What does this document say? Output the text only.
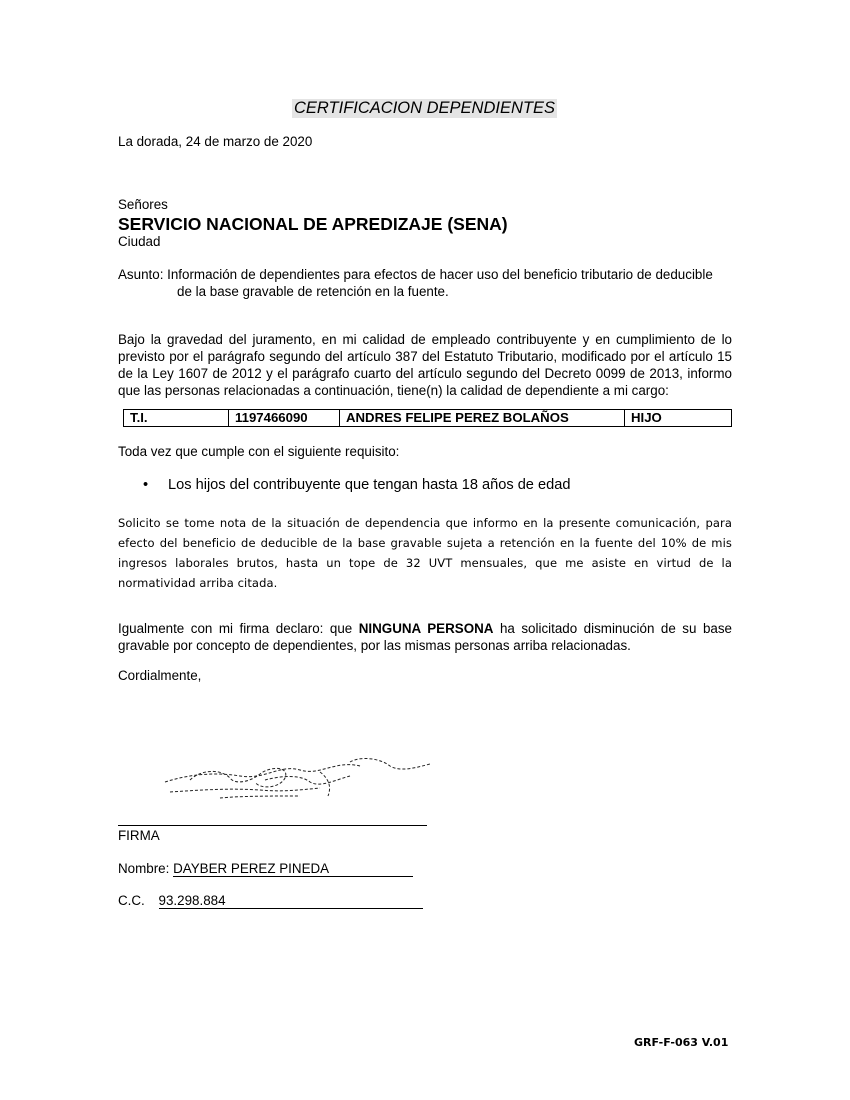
CERTIFICACION DEPENDIENTES
La dorada, 24 de marzo de 2020
Señores
SERVICIO NACIONAL DE APREDIZAJE (SENA)
Ciudad
Asunto: Información de dependientes para efectos de hacer uso del beneficio tributario de deducible
de la base gravable de retención en la fuente.
Bajo la gravedad del juramento, en mi calidad de empleado contribuyente y en cumplimiento de lo previsto por el parágrafo segundo del artículo 387 del Estatuto Tributario, modificado por el artículo 15 de la Ley 1607 de 2012 y el parágrafo cuarto del artículo segundo del Decreto 0099 de 2013, informo que las personas relacionadas a continuación, tiene(n) la calidad de dependiente a mi cargo:
T.I.	1197466090	ANDRES FELIPE PEREZ BOLAÑOS	HIJO
Toda vez que cumple con el siguiente requisito:
• Los hijos del contribuyente que tengan hasta 18 años de edad
Solicito se tome nota de la situación de dependencia que informo en la presente comunicación, para efecto del beneficio de deducible de la base gravable sujeta a retención en la fuente del 10% de mis ingresos laborales brutos, hasta un tope de 32 UVT mensuales, que me asiste en virtud de la normatividad arriba citada.
Igualmente con mi firma declaro: que NINGUNA PERSONA ha solicitado disminución de su base gravable por concepto de dependientes, por las mismas personas arriba relacionadas.
Cordialmente,
FIRMA
Nombre: DAYBER PEREZ PINEDA
C.C. 93.298.884
GRF-F-063 V.01
